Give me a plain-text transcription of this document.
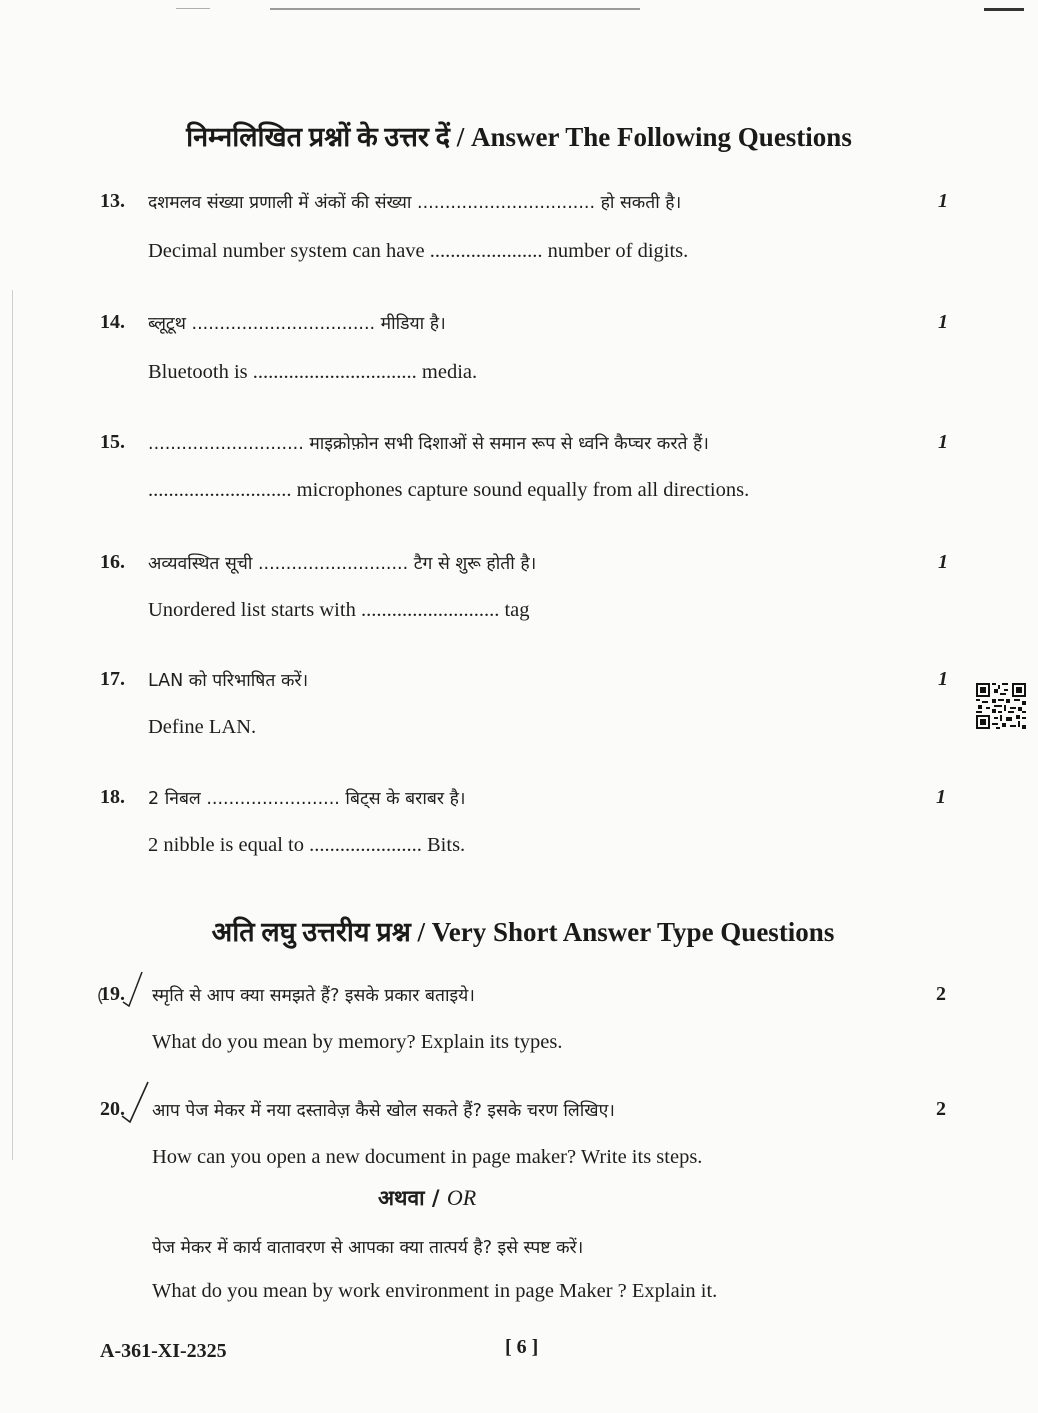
निम्नलिखित प्रश्नों के उत्तर दें / Answer The Following Questions
13. दशमलव संख्या प्रणाली में अंकों की संख्या ................................ हो सकती है।
Decimal number system can have ...................... number of digits.
1
14. ब्लूटूथ ................................. मीडिया है।
Bluetooth is ................................ media.
1
15. ............................ माइक्रोफ़ोन सभी दिशाओं से समान रूप से ध्वनि कैप्चर करते हैं।
............................ microphones capture sound equally from all directions.
1
16. अव्यवस्थित सूची ........................... टैग से शुरू होती है।
Unordered list starts with ........................... tag
1
17. LAN को परिभाषित करें।
Define LAN.
1
18. 2 निबल ........................ बिट्स के बराबर है।
2 nibble is equal to ...................... Bits.
1
अति लघु उत्तरीय प्रश्न / Very Short Answer Type Questions
19. स्मृति से आप क्या समझते हैं? इसके प्रकार बताइये।
What do you mean by memory? Explain its types.
2
20. आप पेज मेकर में नया दस्तावेज़ कैसे खोल सकते हैं? इसके चरण लिखिए।
How can you open a new document in page maker? Write its steps.
2
अथवा / OR
पेज मेकर में कार्य वातावरण से आपका क्या तात्पर्य है? इसे स्पष्ट करें।
What do you mean by work environment in page Maker ? Explain it.
A-361-XI-2325	[ 6 ]
